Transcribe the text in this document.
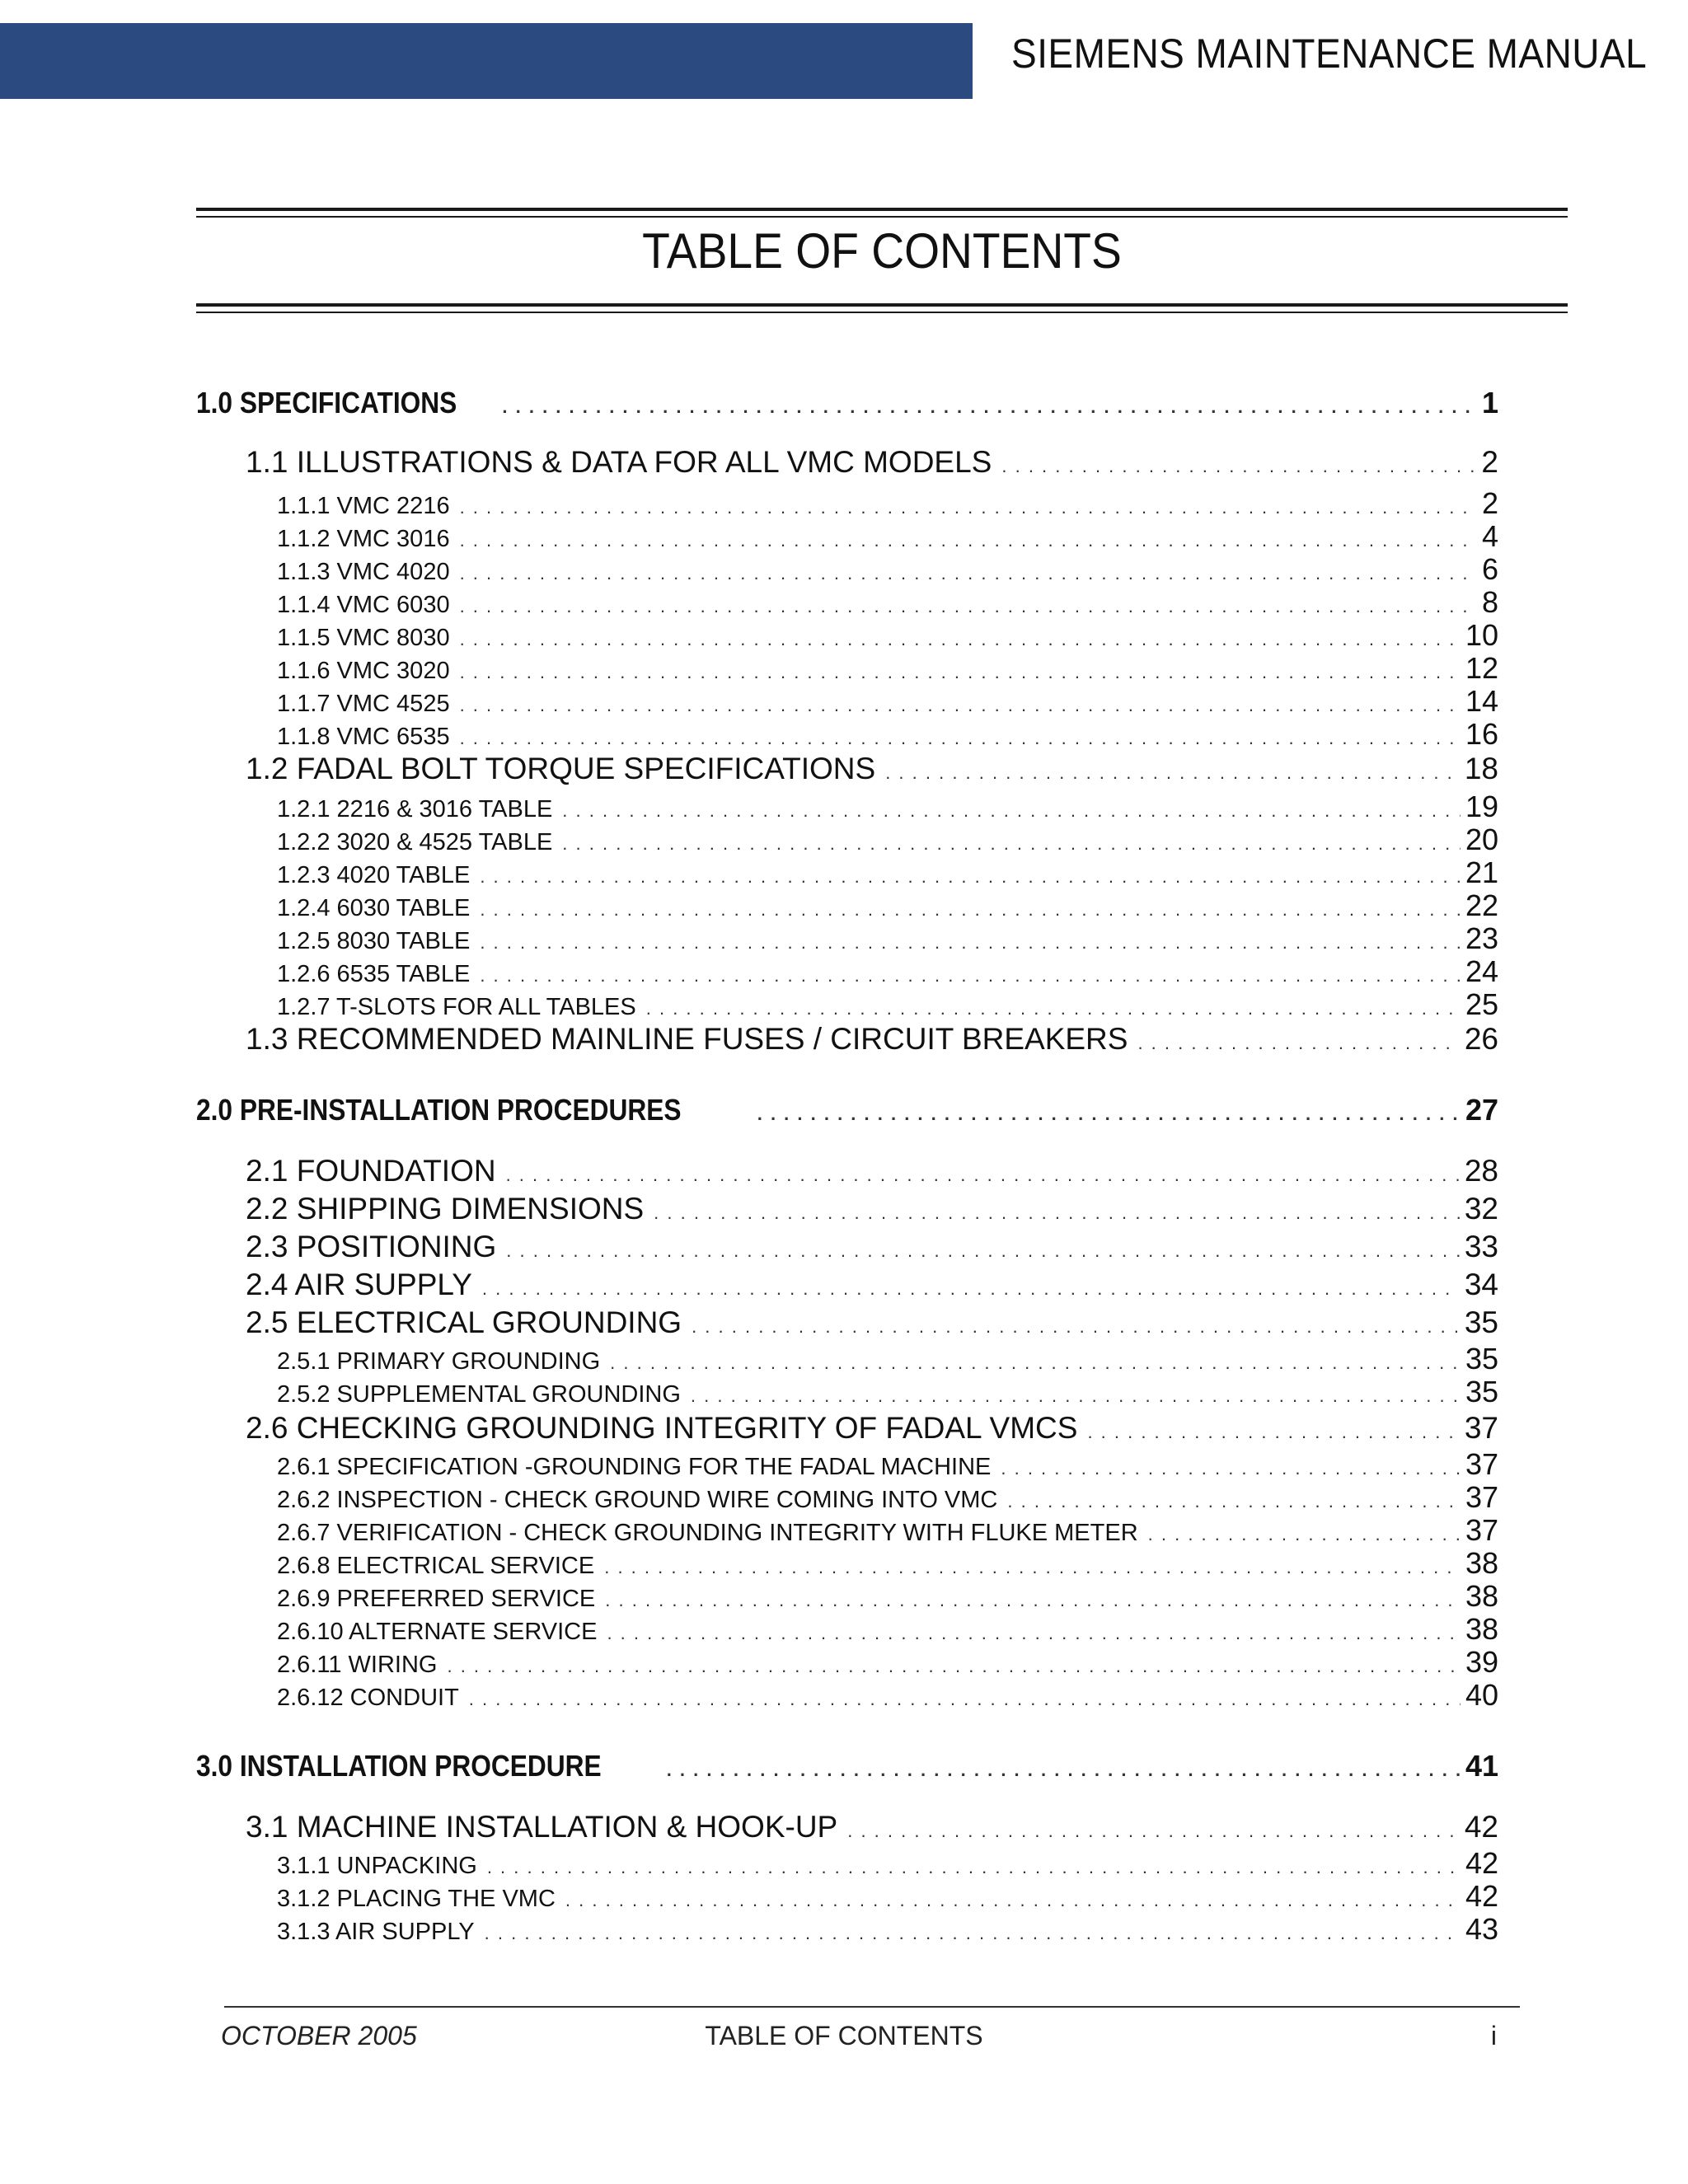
SIEMENS MAINTENANCE MANUAL
TABLE OF CONTENTS
1.0 SPECIFICATIONS . . .	1
1.1 ILLUSTRATIONS & DATA FOR ALL VMC MODELS . . .	2
1.1.1 VMC 2216 . . .	2
1.1.2 VMC 3016 . . .	4
1.1.3 VMC 4020 . . .	6
1.1.4 VMC 6030 . . .	8
1.1.5 VMC 8030 . . .	10
1.1.6 VMC 3020 . . .	12
1.1.7 VMC 4525 . . .	14
1.1.8 VMC 6535 . . .	16
1.2 FADAL BOLT TORQUE SPECIFICATIONS . . .	18
1.2.1 2216 & 3016 TABLE . . .	19
1.2.2 3020 & 4525 TABLE . . .	20
1.2.3 4020 TABLE . . .	21
1.2.4 6030 TABLE . . .	22
1.2.5 8030 TABLE . . .	23
1.2.6 6535 TABLE . . .	24
1.2.7 T-SLOTS FOR ALL TABLES . . .	25
1.3 RECOMMENDED MAINLINE FUSES / CIRCUIT BREAKERS . . .	26
2.0 PRE-INSTALLATION PROCEDURES . . .	27
2.1 FOUNDATION . . .	28
2.2 SHIPPING DIMENSIONS . . .	32
2.3 POSITIONING . . .	33
2.4 AIR SUPPLY . . .	34
2.5 ELECTRICAL GROUNDING . . .	35
2.5.1 PRIMARY GROUNDING . . .	35
2.5.2 SUPPLEMENTAL GROUNDING . . .	35
2.6 CHECKING GROUNDING INTEGRITY OF FADAL VMCS . . .	37
2.6.1 SPECIFICATION -GROUNDING FOR THE FADAL MACHINE . . .	37
2.6.2 INSPECTION - CHECK GROUND WIRE COMING INTO VMC . . .	37
2.6.7 VERIFICATION - CHECK GROUNDING INTEGRITY WITH FLUKE METER . . .	37
2.6.8 ELECTRICAL SERVICE . . .	38
2.6.9 PREFERRED SERVICE . . .	38
2.6.10 ALTERNATE SERVICE . . .	38
2.6.11 WIRING . . .	39
2.6.12 CONDUIT . . .	40
3.0 INSTALLATION PROCEDURE . . .	41
3.1 MACHINE INSTALLATION & HOOK-UP . . .	42
3.1.1 UNPACKING . . .	42
3.1.2 PLACING THE VMC . . .	42
3.1.3 AIR SUPPLY . . .	43
OCTOBER 2005	TABLE OF CONTENTS	i
